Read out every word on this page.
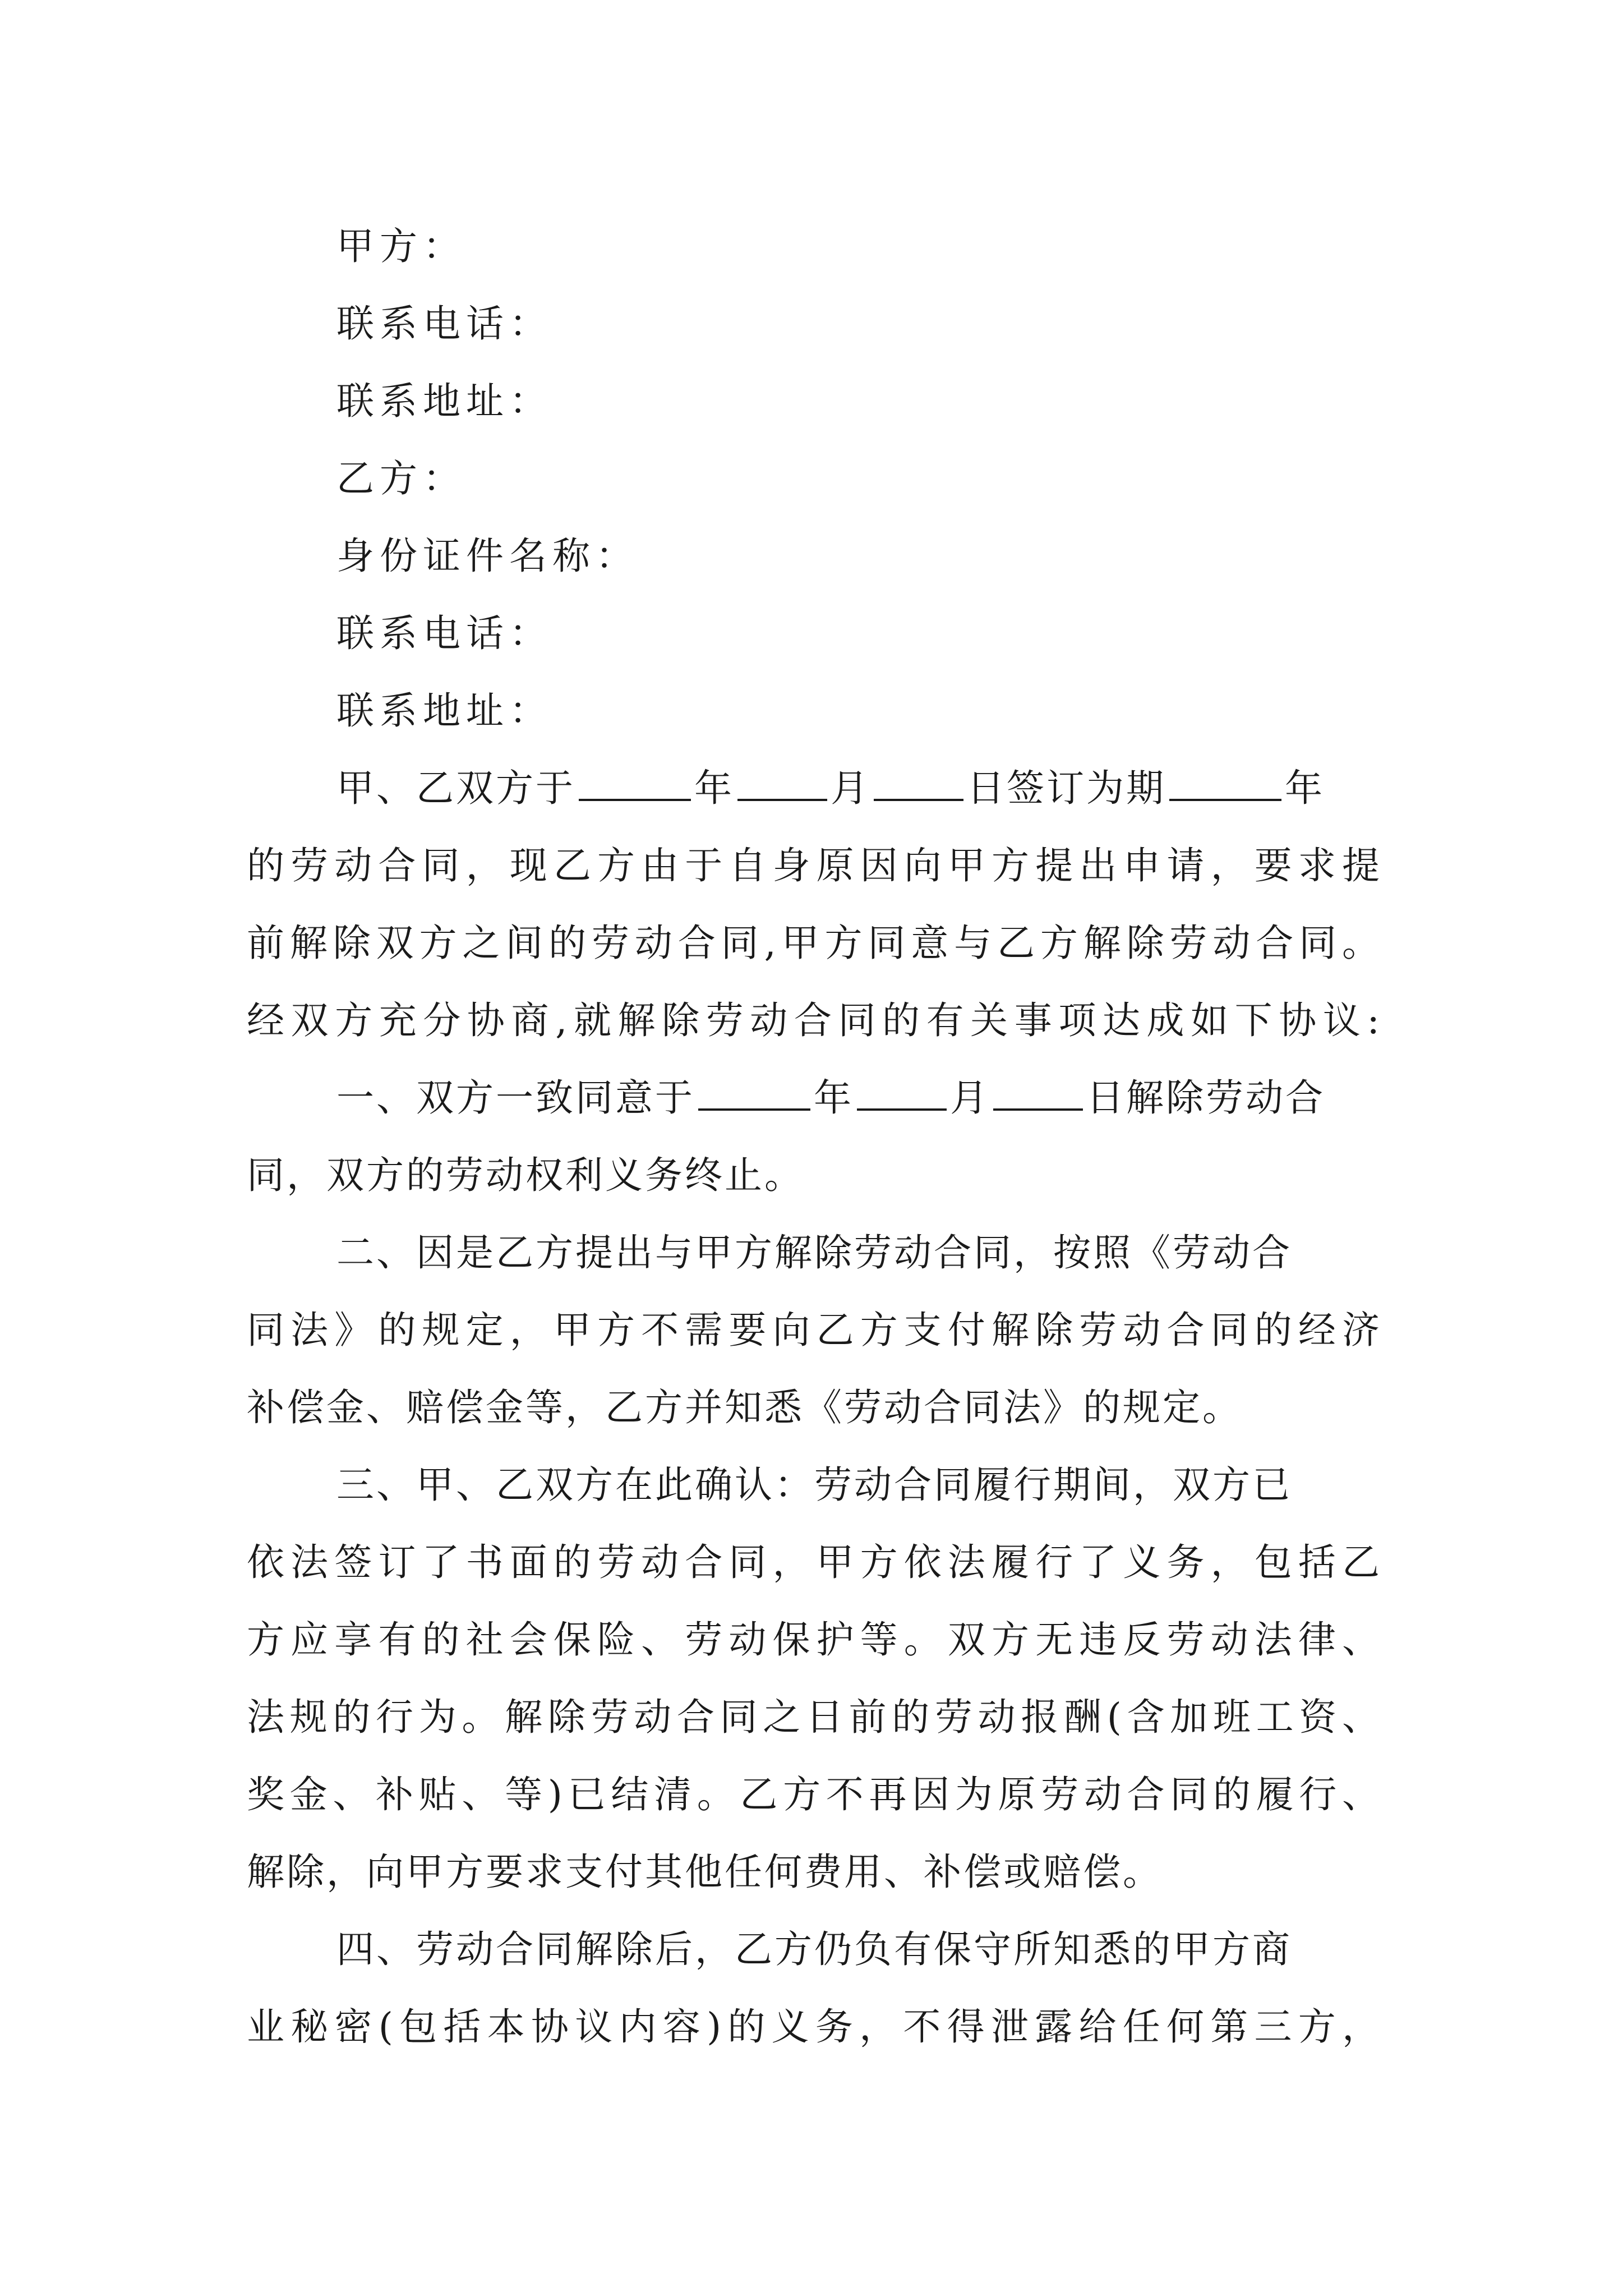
甲方：
联系电话：
联系地址：
乙方：
身份证件名称：
联系电话：
联系地址：
甲、乙双方于	年	月	日签订为期	年
的劳动合同，现乙方由于自身原因向甲方提出申请，要求提
前解除双方之间的劳动合同,甲方同意与乙方解除劳动合同。
经双方充分协商,就解除劳动合同的有关事项达成如下协议:
一、双方一致同意于	年	月	日解除劳动合
同，双方的劳动权利义务终止。
二、因是乙方提出与甲方解除劳动合同，按照《劳动合
同法》的规定，甲方不需要向乙方支付解除劳动合同的经济
补偿金、赔偿金等，乙方并知悉《劳动合同法》的规定。
三、甲、乙双方在此确认：劳动合同履行期间，双方已
依法签订了书面的劳动合同，甲方依法履行了义务，包括乙
方应享有的社会保险、劳动保护等。双方无违反劳动法律、
法规的行为。解除劳动合同之日前的劳动报酬(含加班工资、
奖金、补贴、等)已结清。乙方不再因为原劳动合同的履行、
解除，向甲方要求支付其他任何费用、补偿或赔偿。
四、劳动合同解除后，乙方仍负有保守所知悉的甲方商
业秘密(包括本协议内容)的义务，不得泄露给任何第三方，
